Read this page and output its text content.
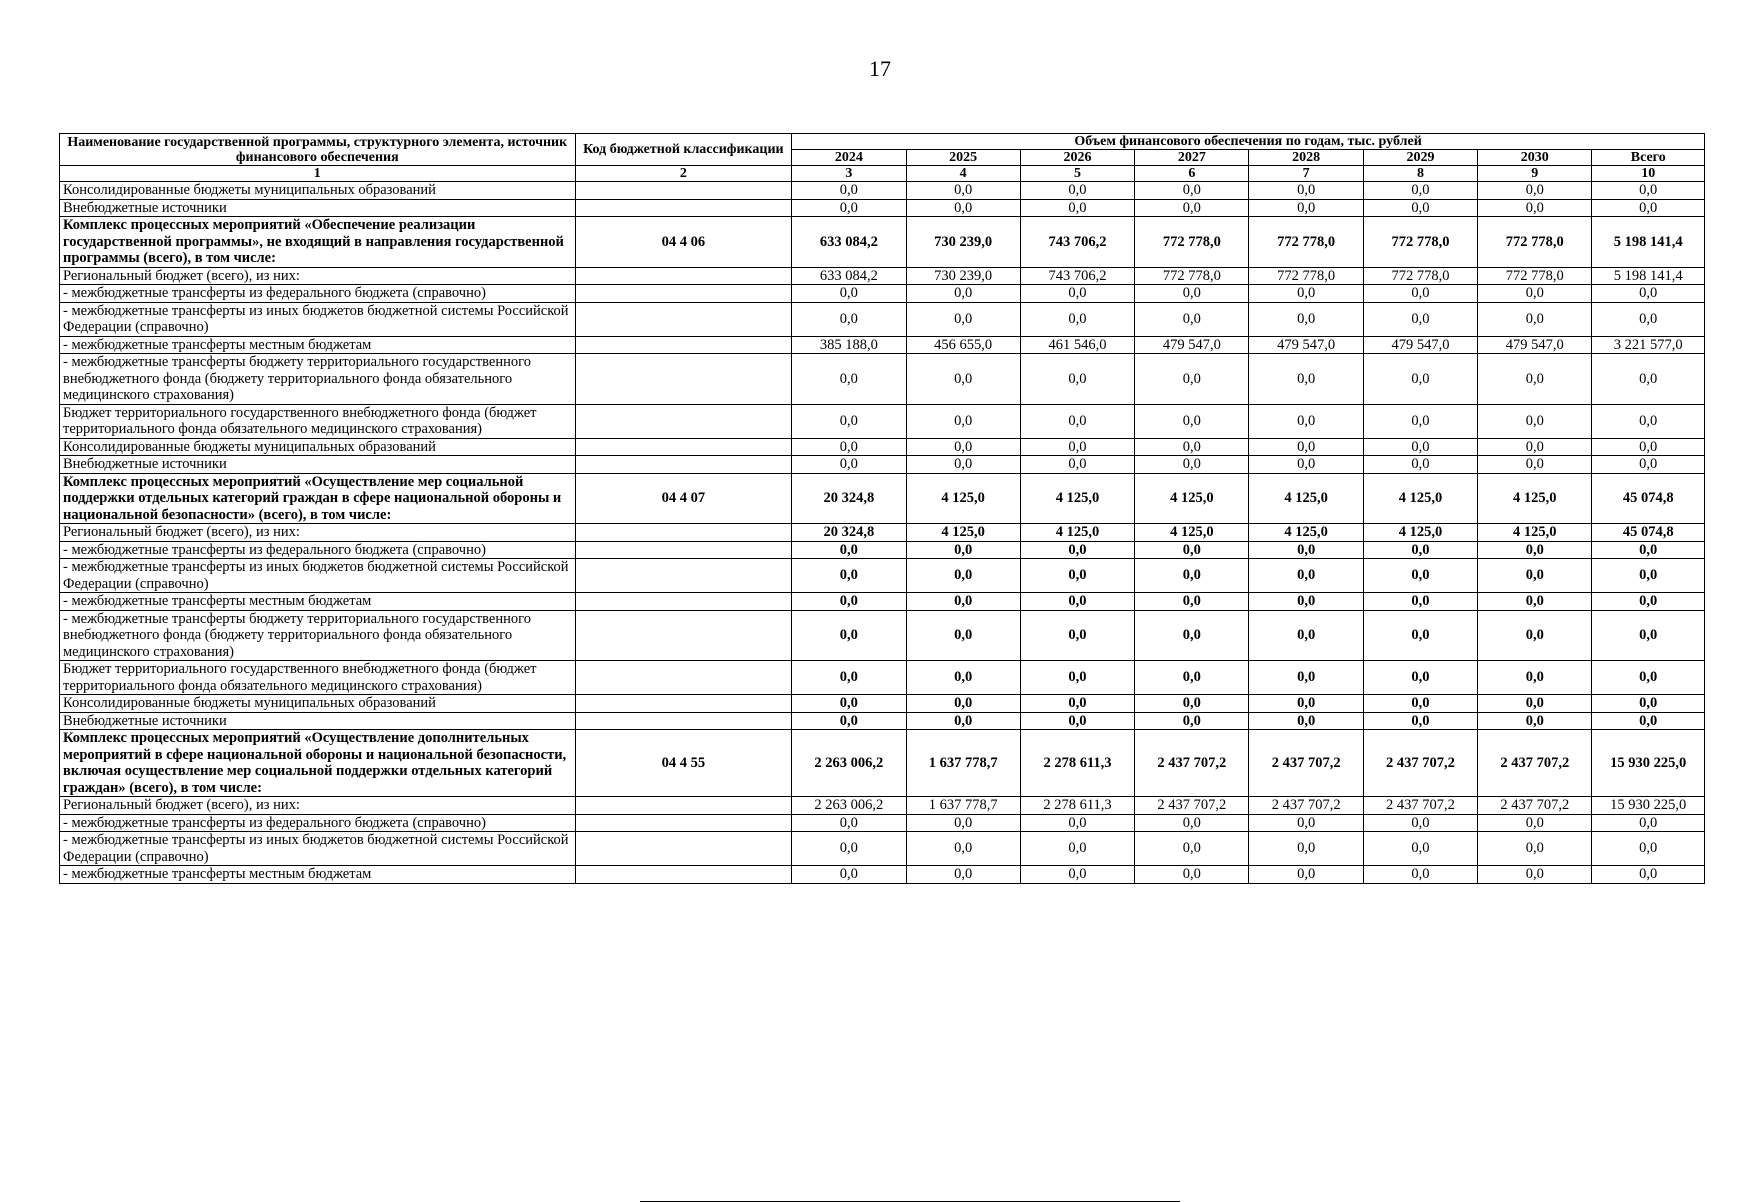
17
Наименование государственной программы, структурного элемента, источник финансового обеспечения	Код бюджетной классификации	Объем финансового обеспечения по годам, тыс. рублей							
		2024	2025	2026	2027	2028	2029	2030	Всего
1	2	3	4	5	6	7	8	9	10
Консолидированные бюджеты муниципальных образований		0,0	0,0	0,0	0,0	0,0	0,0	0,0	0,0
Внебюджетные источники		0,0	0,0	0,0	0,0	0,0	0,0	0,0	0,0
Комплекс процессных мероприятий «Обеспечение реализации государственной программы», не входящий в направления государственной программы (всего), в том числе:	04 4 06	633 084,2	730 239,0	743 706,2	772 778,0	772 778,0	772 778,0	772 778,0	5 198 141,4
Региональный бюджет (всего), из них:		633 084,2	730 239,0	743 706,2	772 778,0	772 778,0	772 778,0	772 778,0	5 198 141,4
- межбюджетные трансферты из федерального бюджета (справочно)		0,0	0,0	0,0	0,0	0,0	0,0	0,0	0,0
- межбюджетные трансферты из иных бюджетов бюджетной системы Российской Федерации (справочно)		0,0	0,0	0,0	0,0	0,0	0,0	0,0	0,0
- межбюджетные трансферты местным бюджетам		385 188,0	456 655,0	461 546,0	479 547,0	479 547,0	479 547,0	479 547,0	3 221 577,0
- межбюджетные трансферты бюджету территориального государственного внебюджетного фонда (бюджету территориального фонда обязательного медицинского страхования)		0,0	0,0	0,0	0,0	0,0	0,0	0,0	0,0
Бюджет территориального государственного внебюджетного фонда (бюджет территориального фонда обязательного медицинского страхования)		0,0	0,0	0,0	0,0	0,0	0,0	0,0	0,0
Консолидированные бюджеты муниципальных образований		0,0	0,0	0,0	0,0	0,0	0,0	0,0	0,0
Внебюджетные источники		0,0	0,0	0,0	0,0	0,0	0,0	0,0	0,0
Комплекс процессных мероприятий «Осуществление мер социальной поддержки отдельных категорий граждан в сфере национальной обороны и национальной безопасности» (всего), в том числе:	04 4 07	20 324,8	4 125,0	4 125,0	4 125,0	4 125,0	4 125,0	4 125,0	45 074,8
Региональный бюджет (всего), из них:		20 324,8	4 125,0	4 125,0	4 125,0	4 125,0	4 125,0	4 125,0	45 074,8
- межбюджетные трансферты из федерального бюджета (справочно)		0,0	0,0	0,0	0,0	0,0	0,0	0,0	0,0
- межбюджетные трансферты из иных бюджетов бюджетной системы Российской Федерации (справочно)		0,0	0,0	0,0	0,0	0,0	0,0	0,0	0,0
- межбюджетные трансферты местным бюджетам		0,0	0,0	0,0	0,0	0,0	0,0	0,0	0,0
- межбюджетные трансферты бюджету территориального государственного внебюджетного фонда (бюджету территориального фонда обязательного медицинского страхования)		0,0	0,0	0,0	0,0	0,0	0,0	0,0	0,0
Бюджет территориального государственного внебюджетного фонда (бюджет территориального фонда обязательного медицинского страхования)		0,0	0,0	0,0	0,0	0,0	0,0	0,0	0,0
Консолидированные бюджеты муниципальных образований		0,0	0,0	0,0	0,0	0,0	0,0	0,0	0,0
Внебюджетные источники		0,0	0,0	0,0	0,0	0,0	0,0	0,0	0,0
Комплекс процессных мероприятий «Осуществление дополнительных мероприятий в сфере национальной обороны и национальной безопасности, включая осуществление мер социальной поддержки отдельных категорий граждан» (всего), в том числе:	04 4 55	2 263 006,2	1 637 778,7	2 278 611,3	2 437 707,2	2 437 707,2	2 437 707,2	2 437 707,2	15 930 225,0
Региональный бюджет (всего), из них:		2 263 006,2	1 637 778,7	2 278 611,3	2 437 707,2	2 437 707,2	2 437 707,2	2 437 707,2	15 930 225,0
- межбюджетные трансферты из федерального бюджета (справочно)		0,0	0,0	0,0	0,0	0,0	0,0	0,0	0,0
- межбюджетные трансферты из иных бюджетов бюджетной системы Российской Федерации (справочно)		0,0	0,0	0,0	0,0	0,0	0,0	0,0	0,0
- межбюджетные трансферты местным бюджетам		0,0	0,0	0,0	0,0	0,0	0,0	0,0	0,0
